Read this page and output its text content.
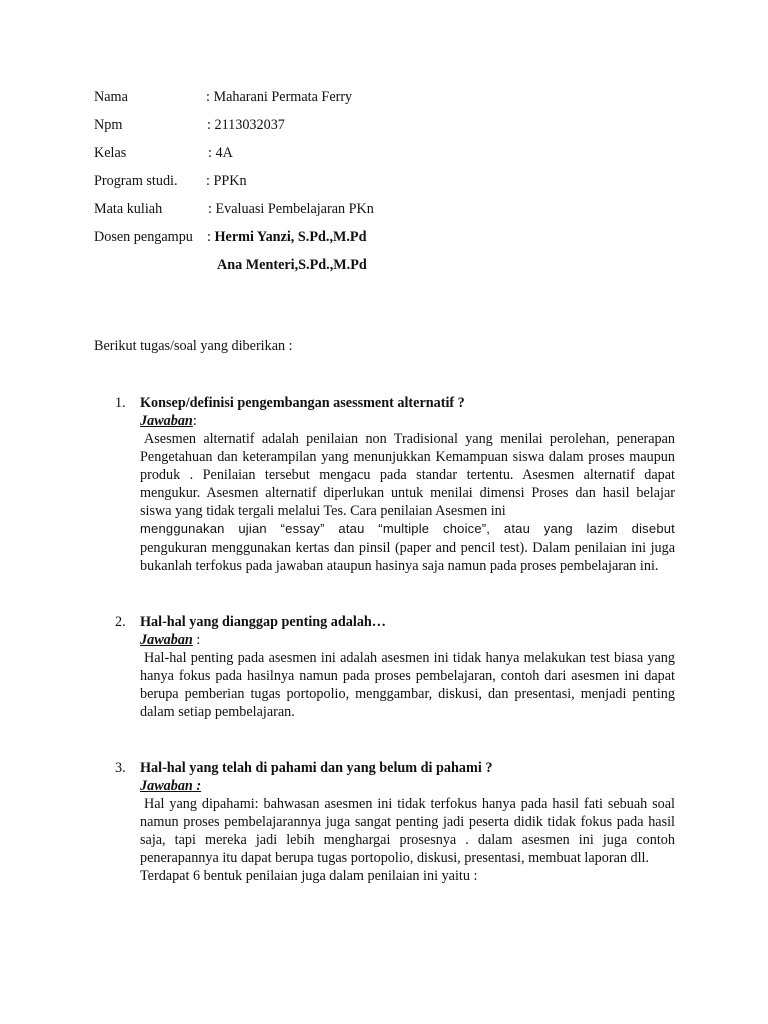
Nama	: Maharani Permata Ferry
Npm	: 2113032037
Kelas	: 4A
Program studi. : PPKn
Mata kuliah	: Evaluasi Pembelajaran PKn
Dosen pengampu : Hermi Yanzi, S.Pd.,M.Pd
Ana Menteri,S.Pd.,M.Pd
Berikut tugas/soal yang diberikan :
1. Konsep/definisi pengembangan asessment alternatif ?
Jawaban:

Asesmen alternatif adalah penilaian non Tradisional yang menilai perolehan, penerapan Pengetahuan dan keterampilan yang menunjukkan Kemampuan siswa dalam proses maupun produk . Penilaian tersebut mengacu pada standar tertentu. Asesmen alternatif dapat mengukur. Asesmen alternatif diperlukan untuk menilai dimensi Proses dan hasil belajar siswa yang tidak tergali melalui Tes. Cara penilaian Asesmen ini

menggunakan ujian “essay” atau “multiple choice”, atau yang lazim disebut

pengukuran menggunakan kertas dan pinsil (paper and pencil test). Dalam penilaian ini juga bukanlah terfokus pada jawaban ataupun hasinya saja namun pada proses pembelajaran ini.

2. Hal-hal yang dianggap penting adalah…
Jawaban :

Hal-hal penting pada asesmen ini adalah asesmen ini tidak hanya melakukan test biasa yang hanya fokus pada hasilnya namun pada proses pembelajaran, contoh dari asesmen ini dapat berupa pemberian tugas portopolio, menggambar, diskusi, dan presentasi, menjadi penting dalam setiap pembelajaran.

3. Hal-hal yang telah di pahami dan yang belum di pahami ?
Jawaban :

Hal yang dipahami: bahwasan asesmen ini tidak terfokus hanya pada hasil fati sebuah soal namun proses pembelajarannya juga sangat penting jadi peserta didik tidak fokus pada hasil saja, tapi mereka jadi lebih menghargai prosesnya . dalam asesmen ini juga contoh penerapannya itu dapat berupa tugas portopolio, diskusi, presentasi, membuat laporan dll.

Terdapat 6 bentuk penilaian juga dalam penilaian ini yaitu :
